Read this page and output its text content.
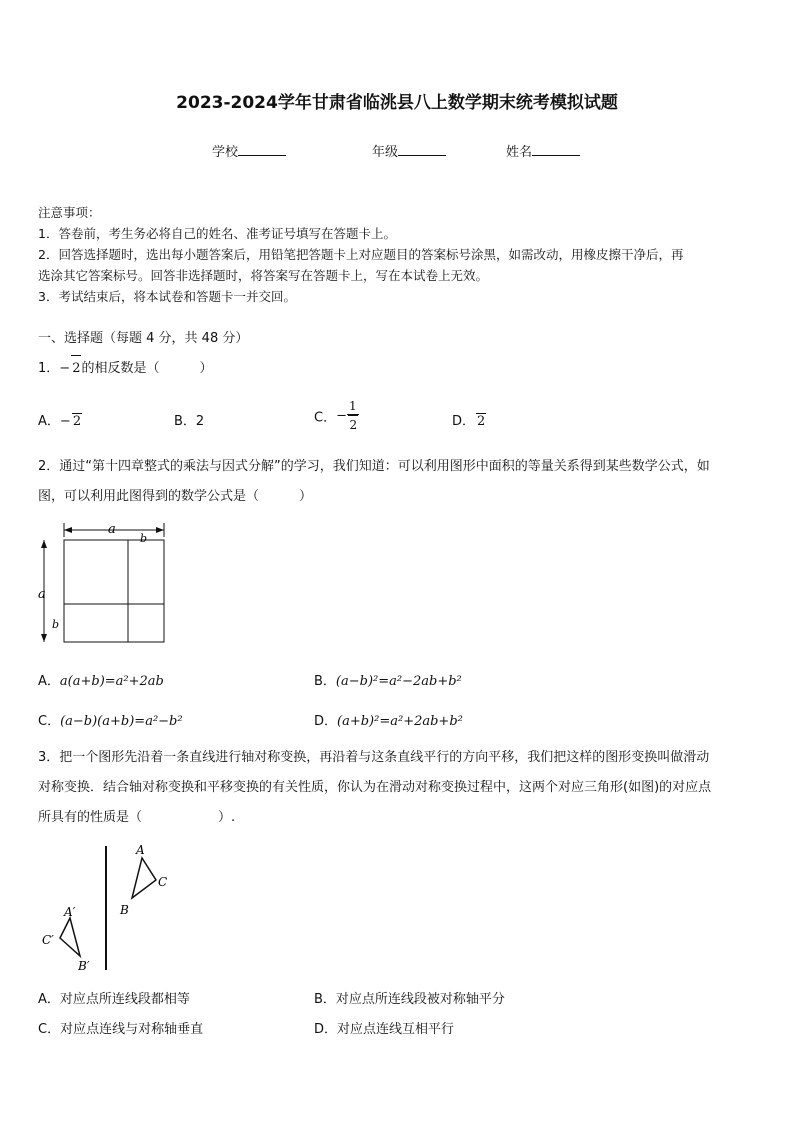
2023-2024学年甘肃省临洮县八上数学期末统考模拟试题
学校	年级	姓名
注意事项：
1．答卷前，考生务必将自己的姓名、准考证号填写在答题卡上。
2．回答选择题时，选出每小题答案后，用铅笔把答题卡上对应题目的答案标号涂黑，如需改动，用橡皮擦干净后，再
选涂其它答案标号。回答非选择题时，将答案写在答题卡上，写在本试卷上无效。
3．考试结束后，将本试卷和答题卡一并交回。
一、选择题（每题 4 分，共 48 分）
1．− 2的相反数是（	）
A．− 2	B．2	C．− $\frac{1}{2}$	D． 2
2．通过“第十四章整式的乘法与因式分解”的学习，我们知道：可以利用图形中面积的等量关系得到某些数学公式，如
图，可以利用此图得到的数学公式是（	）
a
b
a
b
A．a(a+b)=a²+2ab	B．(a−b)²=a²−2ab+b²
C．(a−b)(a+b)=a²−b²	D．(a+b)²=a²+2ab+b²
3．把一个图形先沿着一条直线进行轴对称变换，再沿着与这条直线平行的方向平移，我们把这样的图形变换叫做滑动
对称变换．结合轴对称变换和平移变换的有关性质，你认为在滑动对称变换过程中，这两个对应三角形(如图)的对应点
所具有的性质是（	）.
A
C
B
A′
C′
B′
A．对应点所连线段都相等	B．对应点所连线段被对称轴平分
C．对应点连线与对称轴垂直	D．对应点连线互相平行
